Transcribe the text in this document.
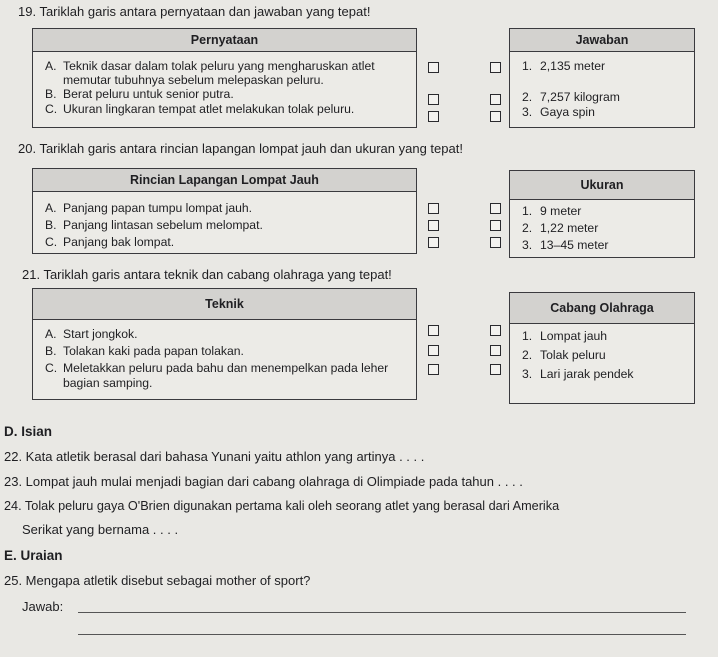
19. Tariklah garis antara pernyataan dan jawaban yang tepat!
Pernyataan
A. Teknik dasar dalam tolak peluru yang mengharuskan atlet memutar tubuhnya sebelum melepaskan peluru.
B. Berat peluru untuk senior putra.
C. Ukuran lingkaran tempat atlet melakukan tolak peluru.
Jawaban
1. 2,135 meter
2. 7,257 kilogram
3. Gaya spin
20. Tariklah garis antara rincian lapangan lompat jauh dan ukuran yang tepat!
Rincian Lapangan Lompat Jauh
A. Panjang papan tumpu lompat jauh.
B. Panjang lintasan sebelum melompat.
C. Panjang bak lompat.
Ukuran
1. 9 meter
2. 1,22 meter
3. 13–45 meter
21. Tariklah garis antara teknik dan cabang olahraga yang tepat!
Teknik
A. Start jongkok.
B. Tolakan kaki pada papan tolakan.
C. Meletakkan peluru pada bahu dan menempelkan pada leher bagian samping.
Cabang Olahraga
1. Lompat jauh
2. Tolak peluru
3. Lari jarak pendek
D. Isian
22. Kata atletik berasal dari bahasa Yunani yaitu athlon yang artinya . . . .
23. Lompat jauh mulai menjadi bagian dari cabang olahraga di Olimpiade pada tahun . . . .
24. Tolak peluru gaya O'Brien digunakan pertama kali oleh seorang atlet yang berasal dari Amerika
Serikat yang bernama . . . .
E. Uraian
25. Mengapa atletik disebut sebagai mother of sport?
Jawab:
